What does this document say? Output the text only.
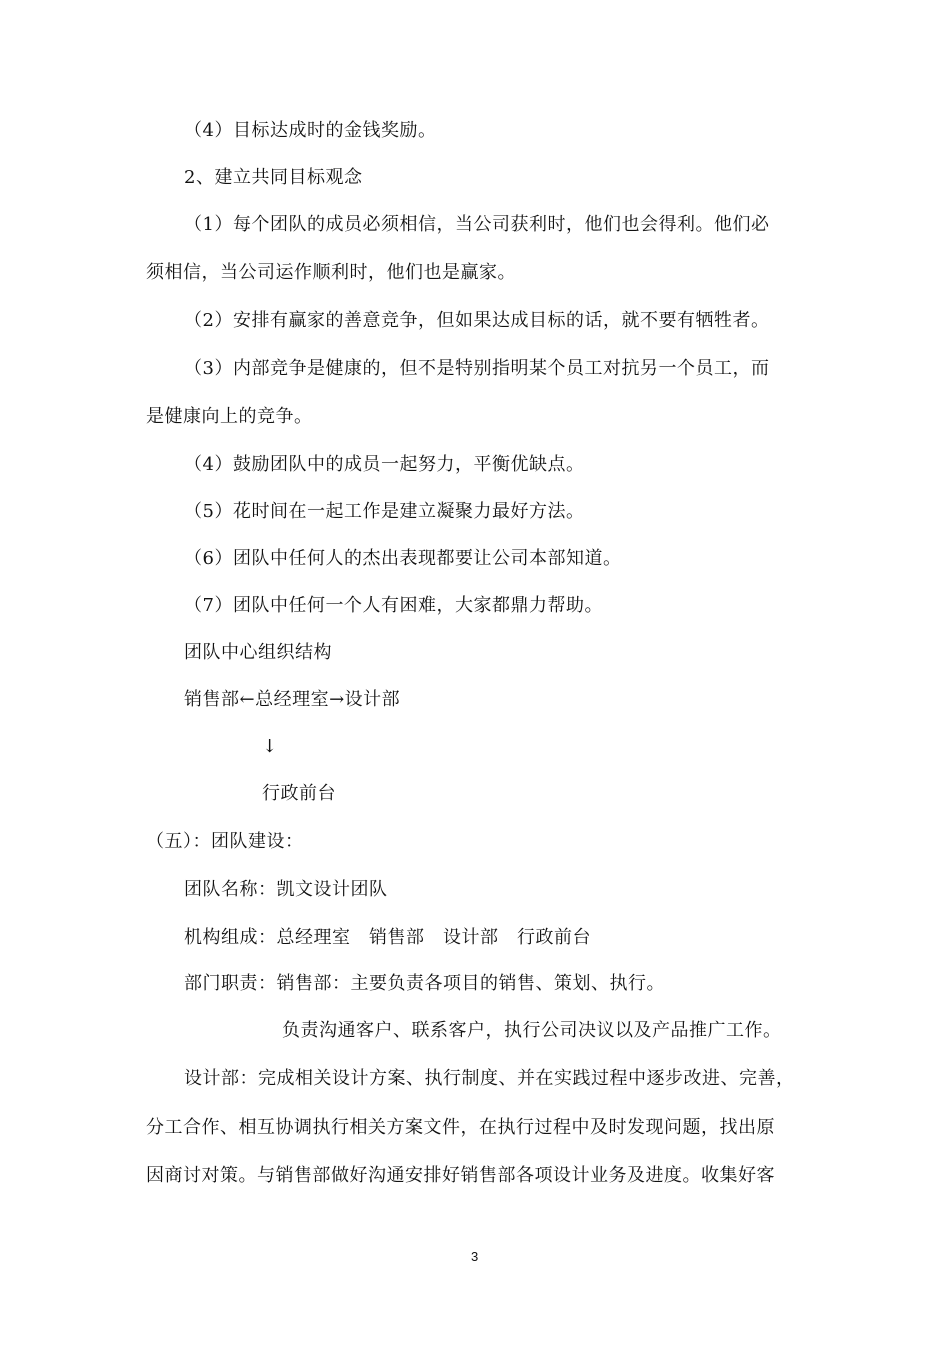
（4）目标达成时的金钱奖励。
2、建立共同目标观念
（1）每个团队的成员必须相信，当公司获利时，他们也会得利。他们必
须相信，当公司运作顺利时，他们也是赢家。
（2）安排有赢家的善意竞争，但如果达成目标的话，就不要有牺牲者。
（3）内部竞争是健康的，但不是特别指明某个员工对抗另一个员工，而
是健康向上的竞争。
（4）鼓励团队中的成员一起努力，平衡优缺点。
（5）花时间在一起工作是建立凝聚力最好方法。
（6）团队中任何人的杰出表现都要让公司本部知道。
（7）团队中任何一个人有困难，大家都鼎力帮助。
团队中心组织结构
销售部←总经理室→设计部
↓
行政前台
（五）：团队建设：
团队名称：凯文设计团队
机构组成：总经理室　销售部　设计部　行政前台
部门职责：销售部：主要负责各项目的销售、策划、执行。
负责沟通客户、联系客户，执行公司决议以及产品推广工作。
设计部：完成相关设计方案、执行制度、并在实践过程中逐步改进、完善，
分工合作、相互协调执行相关方案文件，在执行过程中及时发现问题，找出原
因商讨对策。与销售部做好沟通安排好销售部各项设计业务及进度。收集好客
3
